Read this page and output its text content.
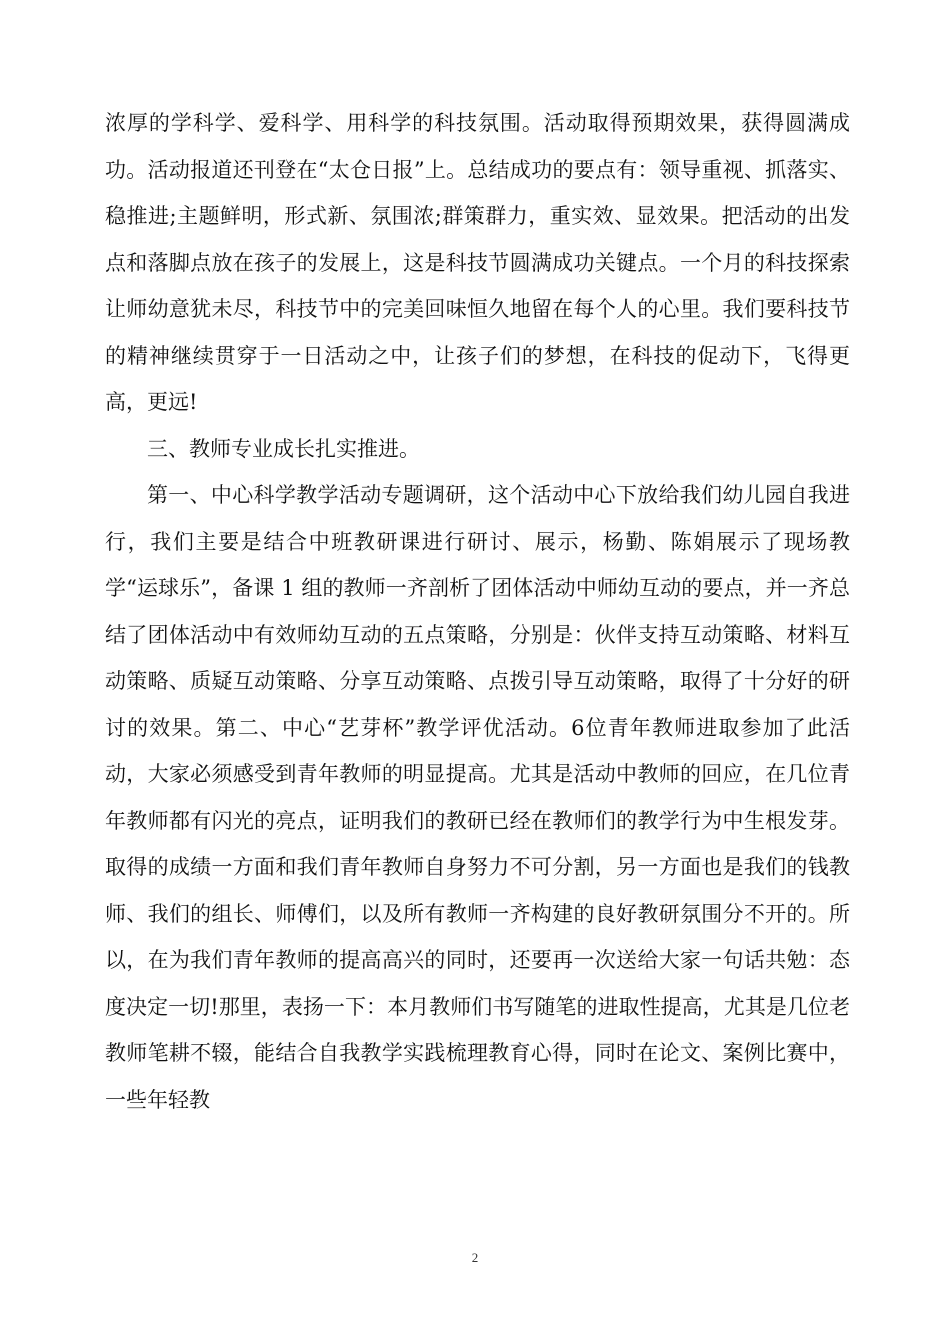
浓厚的学科学、爱科学、用科学的科技氛围。活动取得预期效果，获得圆满成功。活动报道还刊登在“太仓日报”上。总结成功的要点有：领导重视、抓落实、稳推进;主题鲜明，形式新、氛围浓;群策群力，重实效、显效果。把活动的出发点和落脚点放在孩子的发展上，这是科技节圆满成功关键点。一个月的科技探索让师幼意犹未尽，科技节中的完美回味恒久地留在每个人的心里。我们要科技节的精神继续贯穿于一日活动之中，让孩子们的梦想，在科技的促动下，飞得更高，更远!

三、教师专业成长扎实推进。

第一、中心科学教学活动专题调研，这个活动中心下放给我们幼儿园自我进行，我们主要是结合中班教研课进行研讨、展示，杨勤、陈娟展示了现场教学“运球乐”，备课 1 组的教师一齐剖析了团体活动中师幼互动的要点，并一齐总结了团体活动中有效师幼互动的五点策略，分别是：伙伴支持互动策略、材料互动策略、质疑互动策略、分享互动策略、点拨引导互动策略，取得了十分好的研讨的效果。第二、中心“艺芽杯”教学评优活动。6位青年教师进取参加了此活动，大家必须感受到青年教师的明显提高。尤其是活动中教师的回应，在几位青年教师都有闪光的亮点，证明我们的教研已经在教师们的教学行为中生根发芽。取得的成绩一方面和我们青年教师自身努力不可分割，另一方面也是我们的钱教师、我们的组长、师傅们，以及所有教师一齐构建的良好教研氛围分不开的。所以，在为我们青年教师的提高高兴的同时，还要再一次送给大家一句话共勉：态度决定一切!那里，表扬一下：本月教师们书写随笔的进取性提高，尤其是几位老教师笔耕不辍，能结合自我教学实践梳理教育心得，同时在论文、案例比赛中，一些年轻教

2
